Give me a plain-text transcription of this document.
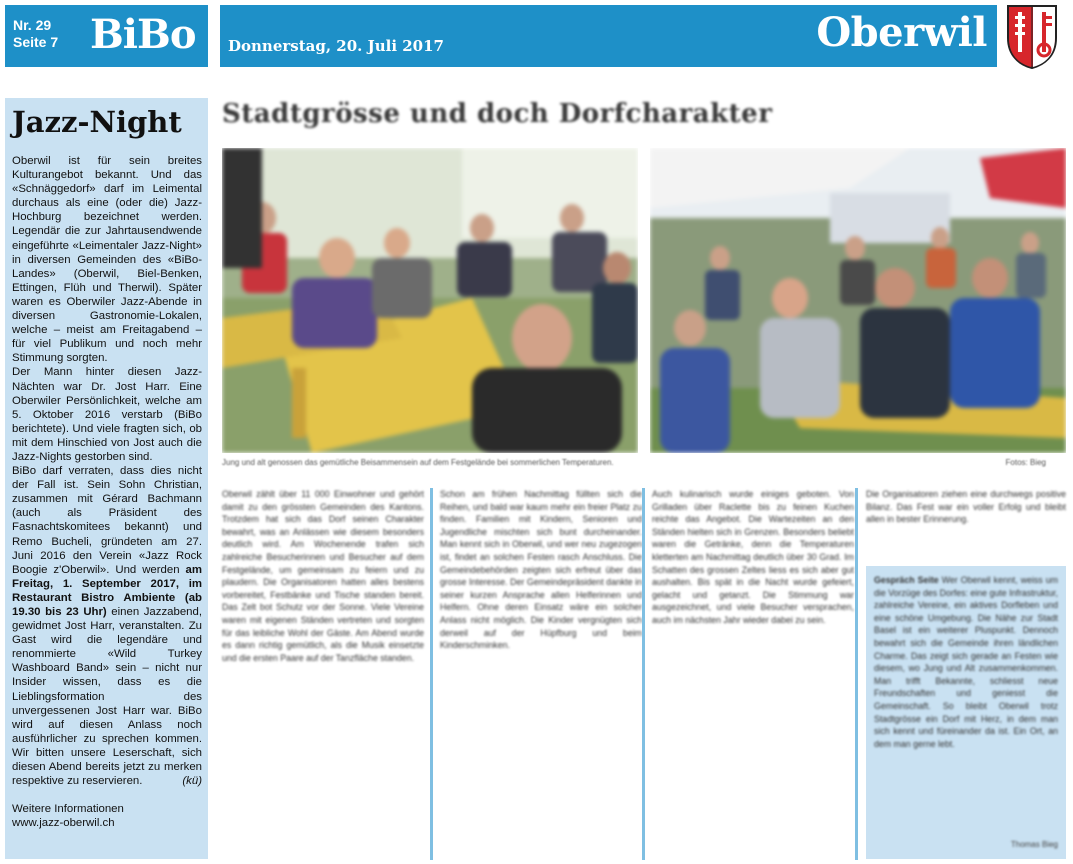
Nr. 29
Seite 7 BiBo Donnerstag, 20. Juli 2017	Oberwil
Jazz-Night

Oberwil ist für sein breites Kulturangebot bekannt. Und das «Schnäggedorf» darf im Leimental durchaus als eine (oder die) Jazz-Hochburg bezeichnet werden. Legendär die zur Jahrtausendwende eingeführte «Leimentaler Jazz-Night» in diversen Gemeinden des «BiBo-Landes» (Oberwil, Biel-Benken, Ettingen, Flüh und Therwil). Später waren es Oberwiler Jazz-Abende in diversen Gastronomie-Lokalen, welche – meist am Freitagabend – für viel Publikum und noch mehr Stimmung sorgten.

Der Mann hinter diesen Jazz-Nächten war Dr. Jost Harr. Eine Oberwiler Persönlichkeit, welche am 5. Oktober 2016 verstarb (BiBo berichtete). Und viele fragten sich, ob mit dem Hinschied von Jost auch die Jazz-Nights gestorben sind.

BiBo darf verraten, dass dies nicht der Fall ist. Sein Sohn Christian, zusammen mit Gérard Bachmann (auch als Präsident des Fasnachtskomitees bekannt) und Remo Bucheli, gründeten am 27. Juni 2016 den Verein «Jazz Rock Boogie z'Oberwil». Und werden am Freitag, 1. September 2017, im Restaurant Bistro Ambiente (ab 19.30 bis 23 Uhr) einen Jazzabend, gewidmet Jost Harr, veranstalten. Zu Gast wird die legendäre und renommierte «Wild Turkey Washboard Band» sein – nicht nur Insider wissen, dass es die Lieblingsformation des unvergessenen Jost Harr war. BiBo wird auf diesen Anlass noch ausführlicher zu sprechen kommen. Wir bitten unsere Leserschaft, sich diesen Abend bereits jetzt zu merken respektive zu reservieren.	(kü)

Weitere Informationen
www.jazz-oberwil.ch
Stadtgrösse und doch Dorfcharakter
Jung und alt genossen das gemütliche Beisammensein auf dem Festgelände bei sommerlichen Temperaturen.	Fotos: Bieg

Oberwil zählt über 11 000 Einwohner und gehört damit zu den grössten Gemeinden des Kantons. Trotzdem hat sich das Dorf seinen Charakter bewahrt, was an Anlässen wie diesem besonders deutlich wird. Am Wochenende trafen sich zahlreiche Besucherinnen und Besucher auf dem Festgelände, um gemeinsam zu feiern und zu plaudern. Die Organisatoren hatten alles bestens vorbereitet, Festbänke und Tische standen bereit. Das Zelt bot Schutz vor der Sonne. Viele Vereine waren mit eigenen Ständen vertreten und sorgten für das leibliche Wohl der Gäste. Am Abend wurde es dann richtig gemütlich, als die Musik einsetzte und die ersten Paare auf der Tanzfläche standen.

Schon am frühen Nachmittag füllten sich die Reihen, und bald war kaum mehr ein freier Platz zu finden. Familien mit Kindern, Senioren und Jugendliche mischten sich bunt durcheinander. Man kennt sich in Oberwil, und wer neu zugezogen ist, findet an solchen Festen rasch Anschluss. Die Gemeindebehörden zeigten sich erfreut über das grosse Interesse. Der Gemeindepräsident dankte in seiner kurzen Ansprache allen Helferinnen und Helfern. Ohne deren Einsatz wäre ein solcher Anlass nicht möglich. Die Kinder vergnügten sich derweil auf der Hüpfburg und beim Kinderschminken.

Auch kulinarisch wurde einiges geboten. Von Grilladen über Raclette bis zu feinen Kuchen reichte das Angebot. Die Wartezeiten an den Ständen hielten sich in Grenzen. Besonders beliebt waren die Getränke, denn die Temperaturen kletterten am Nachmittag deutlich über 30 Grad. Im Schatten des grossen Zeltes liess es sich aber gut aushalten. Bis spät in die Nacht wurde gefeiert, gelacht und getanzt. Die Stimmung war ausgezeichnet, und viele Besucher versprachen, auch im nächsten Jahr wieder dabei zu sein.

Die Organisatoren ziehen eine durchwegs positive Bilanz. Das Fest war ein voller Erfolg und bleibt allen in bester Erinnerung.

Gespräch Seite Wer Oberwil kennt, weiss um die Vorzüge des Dorfes: eine gute Infrastruktur, zahlreiche Vereine, ein aktives Dorfleben und eine schöne Umgebung. Die Nähe zur Stadt Basel ist ein weiterer Pluspunkt. Dennoch bewahrt sich die Gemeinde ihren ländlichen Charme. Das zeigt sich gerade an Festen wie diesem, wo Jung und Alt zusammenkommen. Man trifft Bekannte, schliesst neue Freundschaften und geniesst die Gemeinschaft. So bleibt Oberwil trotz Stadtgrösse ein Dorf mit Herz, in dem man sich kennt und füreinander da ist. Ein Ort, an dem man gerne lebt.
Thomas Bieg
